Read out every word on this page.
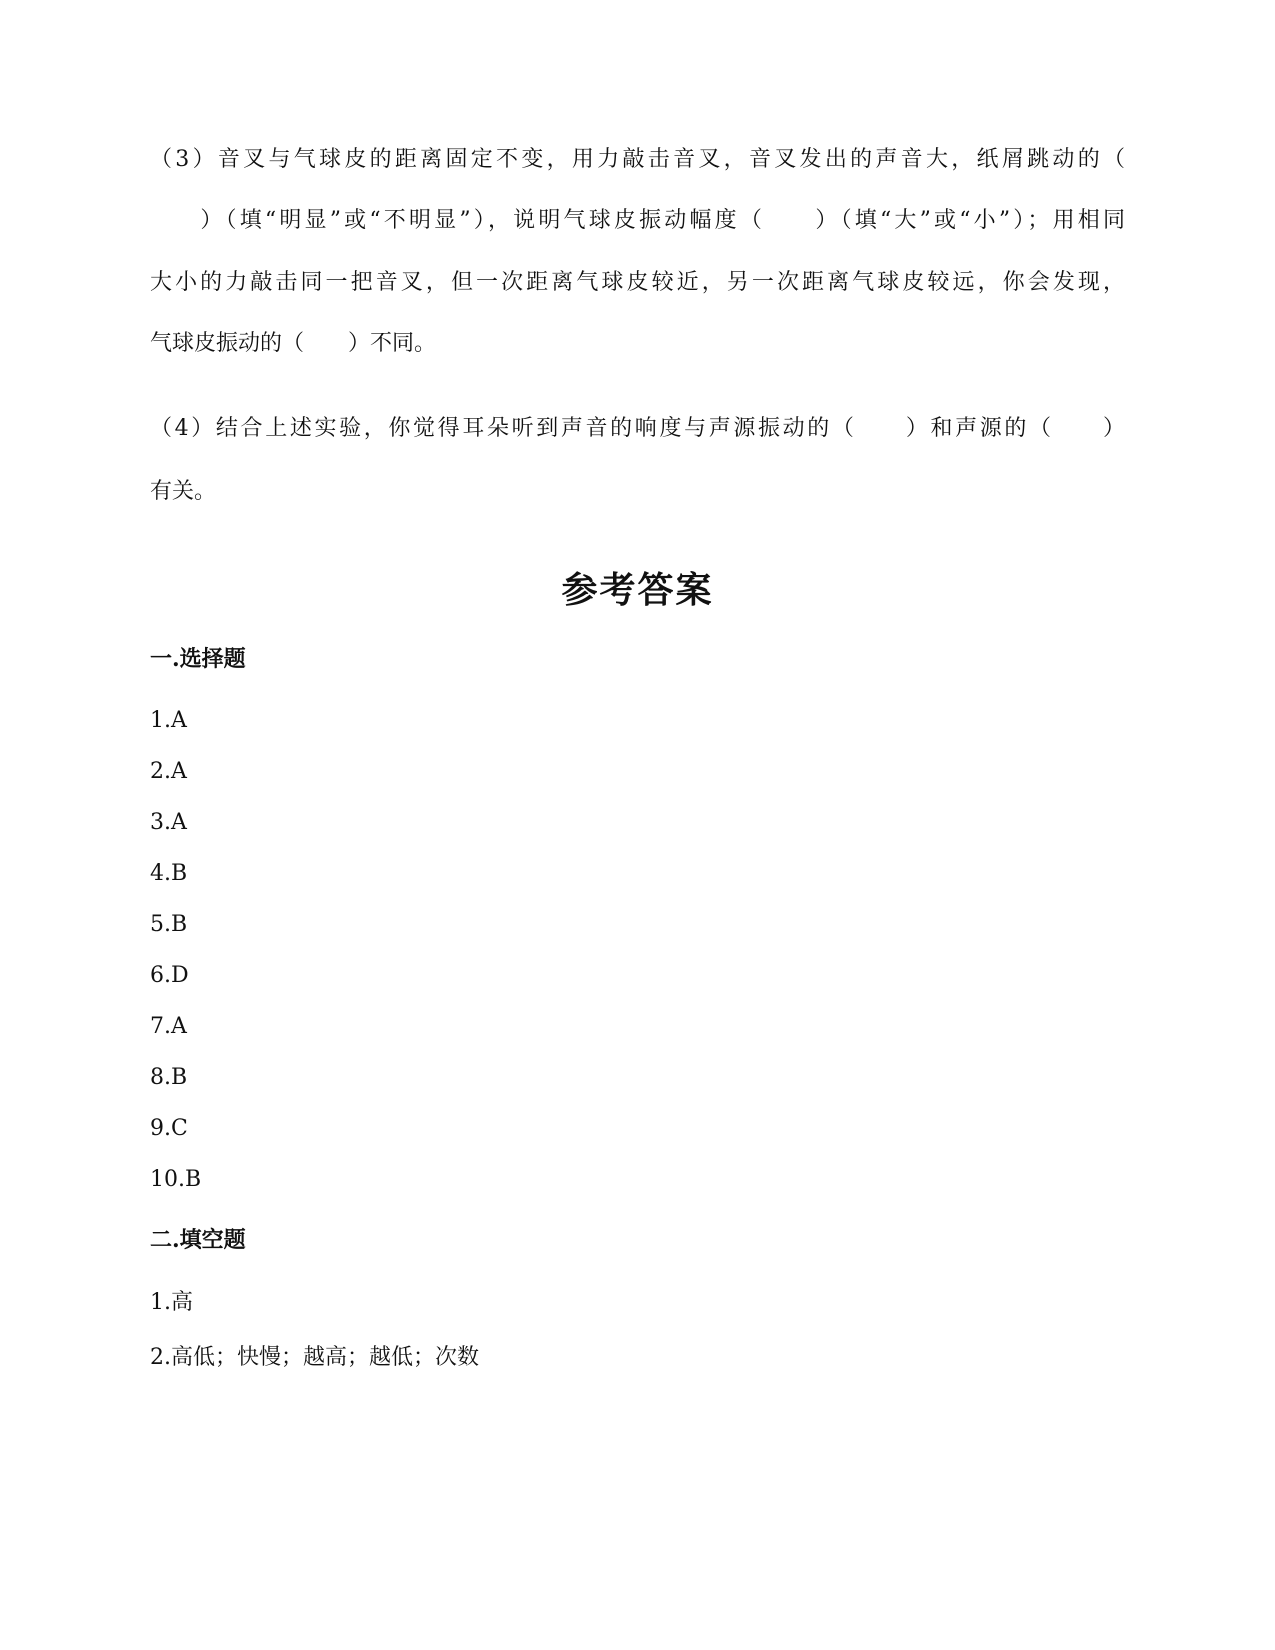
（3）音叉与气球皮的距离固定不变，用力敲击音叉，音叉发出的声音大，纸屑跳动的（
　　）（填“明显”或“不明显”），说明气球皮振动幅度（　　）（填“大”或“小”）；用相同
大小的力敲击同一把音叉，但一次距离气球皮较近，另一次距离气球皮较远，你会发现，
气球皮振动的（　　）不同。
（4）结合上述实验，你觉得耳朵听到声音的响度与声源振动的（　　）和声源的（　　）
有关。
参考答案
一.选择题
1.A
2.A
3.A
4.B
5.B
6.D
7.A
8.B
9.C
10.B
二.填空题
1.高
2.高低；快慢；越高；越低；次数
